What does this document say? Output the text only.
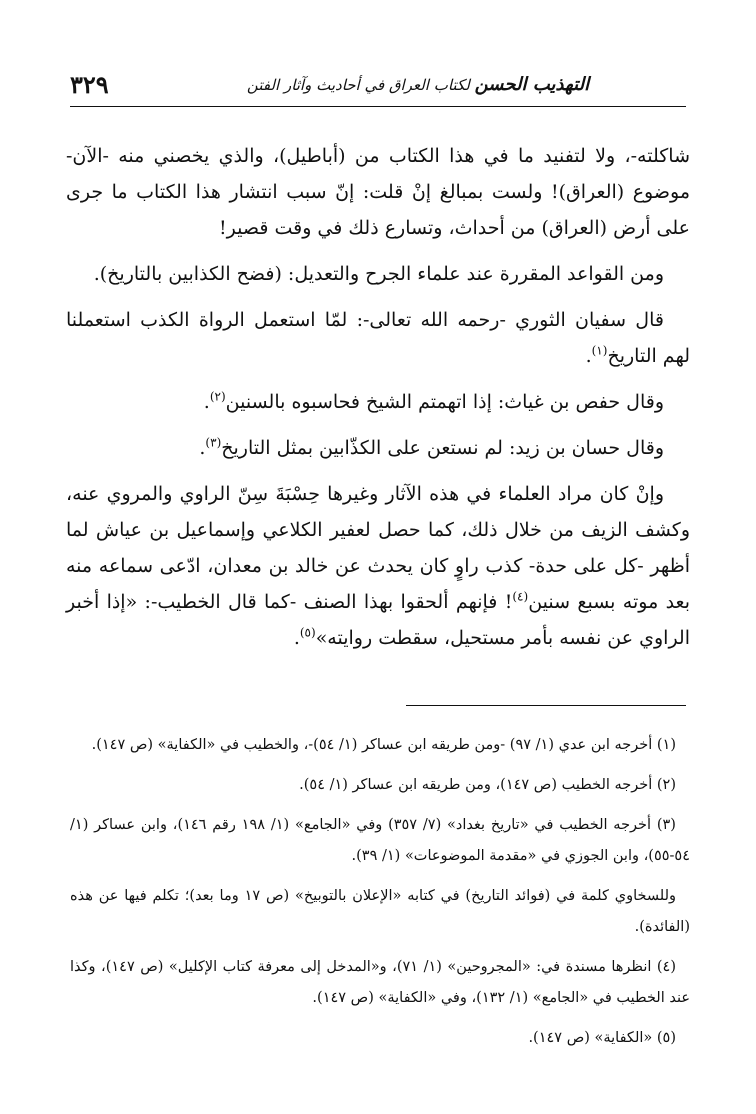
التهذيب الحسن لكتاب العراق في أحاديث وآثار الفتن
٣٢٩

شاكلته-، ولا لتفنيد ما في هذا الكتاب من (أباطيل)، والذي يخصني منه -الآن- موضوع (العراق)! ولست بمبالغ إنْ قلت: إنّ سبب انتشار هذا الكتاب ما جرى على أرض (العراق) من أحداث، وتسارع ذلك في وقت قصير!

ومن القواعد المقررة عند علماء الجرح والتعديل: (فضح الكذابين بالتاريخ).

قال سفيان الثوري -رحمه الله تعالى-: لمّا استعمل الرواة الكذب استعملنا لهم التاريخ$^{(١)}$.

وقال حفص بن غياث: إذا اتهمتم الشيخ فحاسبوه بالسنين$^{(٢)}$.

وقال حسان بن زيد: لم نستعن على الكذّابين بمثل التاريخ$^{(٣)}$.

وإنْ كان مراد العلماء في هذه الآثار وغيرها حِسْبَةَ سِنّ الراوي والمروي عنه، وكشف الزيف من خلال ذلك، كما حصل لعفير الكلاعي وإسماعيل بن عياش لما أظهر -كل على حدة- كذب راوٍ كان يحدث عن خالد بن معدان، ادّعى سماعه منه بعد موته بسبع سنين$^{(٤)}$! فإنهم ألحقوا بهذا الصنف -كما قال الخطيب-: «إذا أخبر الراوي عن نفسه بأمر مستحيل، سقطت روايته»$^{(٥)}$.

(١) أخرجه ابن عدي (١/ ٩٧) -ومن طريقه ابن عساكر (١/ ٥٤)-، والخطيب في «الكفاية» (ص ١٤٧).

(٢) أخرجه الخطيب (ص ١٤٧)، ومن طريقه ابن عساكر (١/ ٥٤).

(٣) أخرجه الخطيب في «تاريخ بغداد» (٧/ ٣٥٧) وفي «الجامع» (١/ ١٩٨ رقم ١٤٦)، وابن عساكر (١/ ٥٤-٥٥)، وابن الجوزي في «مقدمة الموضوعات» (١/ ٣٩).

وللسخاوي كلمة في (فوائد التاريخ) في كتابه «الإعلان بالتوبيخ» (ص ١٧ وما بعد)؛ تكلم فيها عن هذه (الفائدة).

(٤) انظرها مسندة في: «المجروحين» (١/ ٧١)، و«المدخل إلى معرفة كتاب الإكليل» (ص ١٤٧)، وكذا عند الخطيب في «الجامع» (١/ ١٣٢)، وفي «الكفاية» (ص ١٤٧).

(٥) «الكفاية» (ص ١٤٧).
